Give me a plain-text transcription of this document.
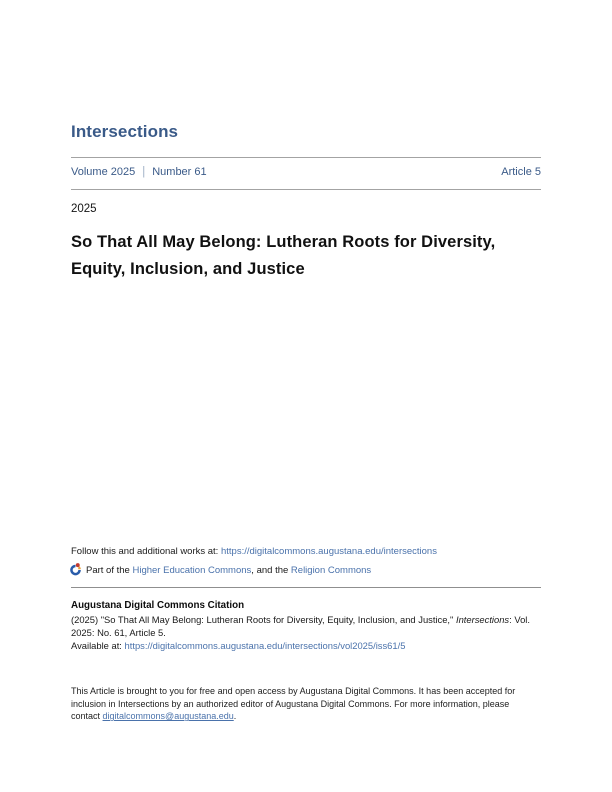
Intersections
Volume 2025 | Number 61	Article 5
2025
So That All May Belong: Lutheran Roots for Diversity, Equity, Inclusion, and Justice
Follow this and additional works at: https://digitalcommons.augustana.edu/intersections
Part of the Higher Education Commons, and the Religion Commons
Augustana Digital Commons Citation
(2025) "So That All May Belong: Lutheran Roots for Diversity, Equity, Inclusion, and Justice," Intersections: Vol. 2025: No. 61, Article 5.
Available at: https://digitalcommons.augustana.edu/intersections/vol2025/iss61/5
This Article is brought to you for free and open access by Augustana Digital Commons. It has been accepted for inclusion in Intersections by an authorized editor of Augustana Digital Commons. For more information, please contact digitalcommons@augustana.edu.
